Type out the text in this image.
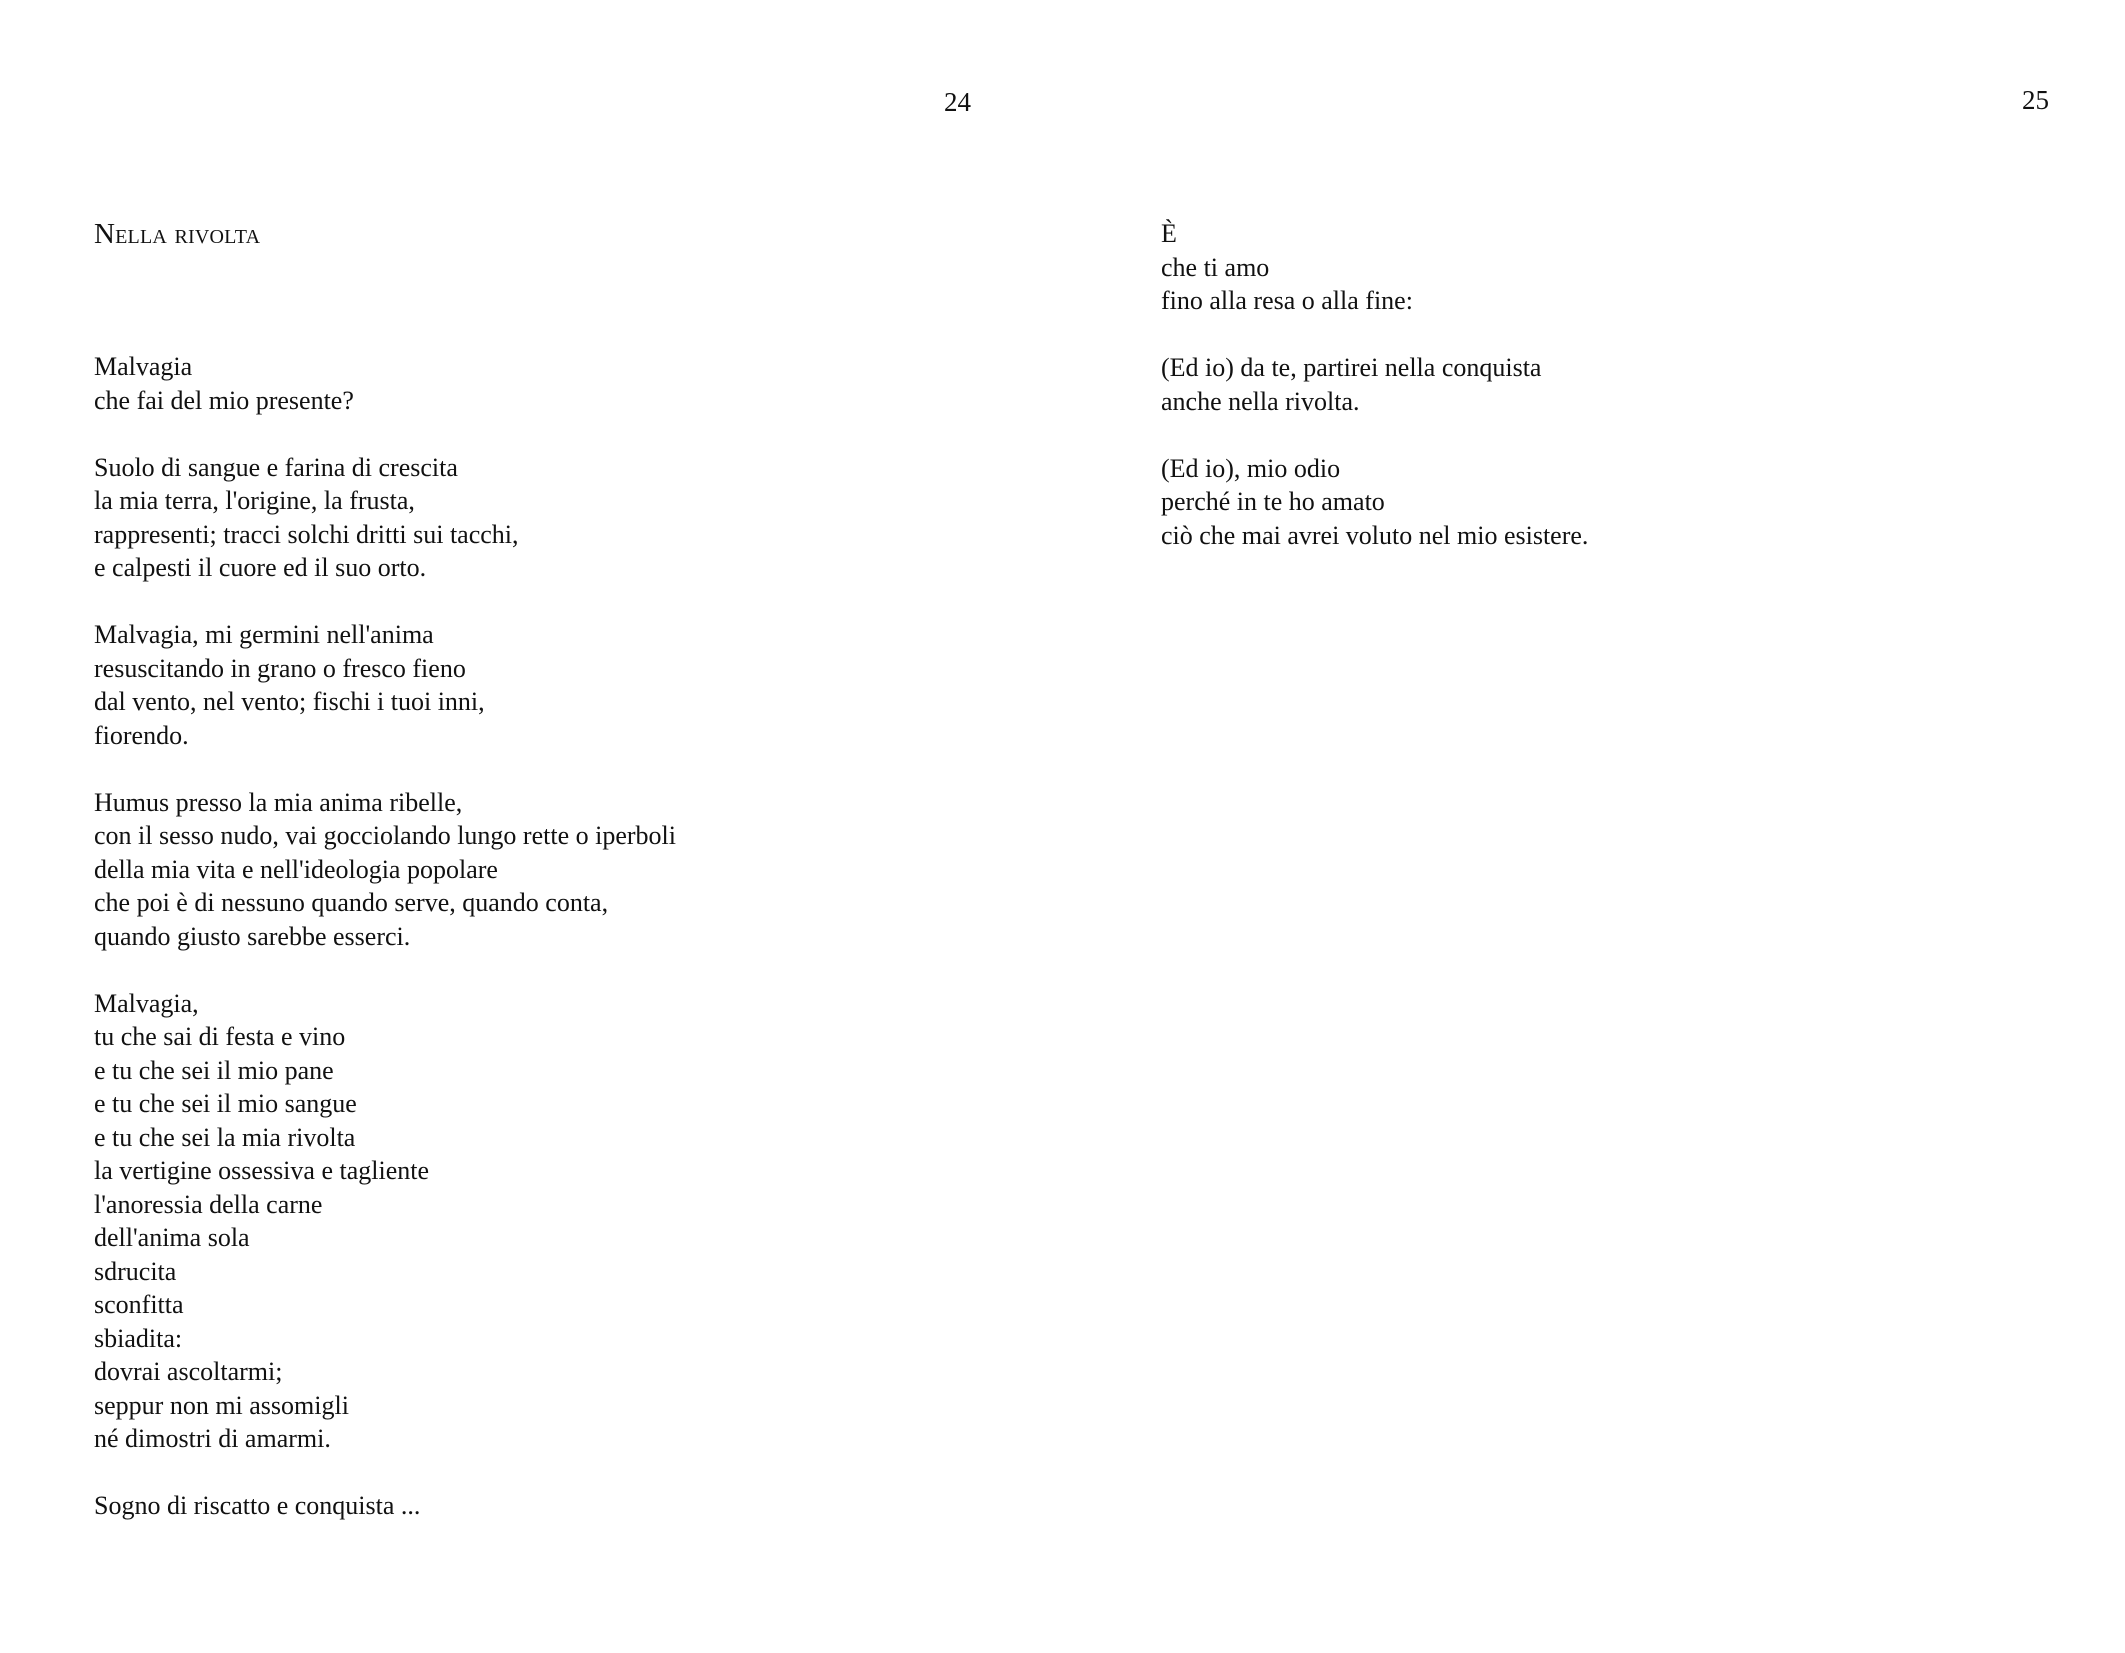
24
Nella rivolta

Malvagia
che fai del mio presente?

Suolo di sangue e farina di crescita
la mia terra, l'origine, la frusta,
rappresenti; tracci solchi dritti sui tacchi,
e calpesti il cuore ed il suo orto.

Malvagia, mi germini nell'anima
resuscitando in grano o fresco fieno
dal vento, nel vento; fischi i tuoi inni,
fiorendo.

Humus presso la mia anima ribelle,
con il sesso nudo, vai gocciolando lungo rette o iperboli
della mia vita e nell'ideologia popolare
che poi è di nessuno quando serve, quando conta,
quando giusto sarebbe esserci.

Malvagia,
tu che sai di festa e vino
e tu che sei il mio pane
e tu che sei il mio sangue
e tu che sei la mia rivolta
la vertigine ossessiva e tagliente
l'anoressia della carne
dell'anima sola
sdrucita
sconfitta
sbiadita:
dovrai ascoltarmi;
seppur non mi assomigli
né dimostri di amarmi.

Sogno di riscatto e conquista ...

25

È
che ti amo
fino alla resa o alla fine:

(Ed io) da te, partirei nella conquista
anche nella rivolta.

(Ed io), mio odio
perché in te ho amato
ciò che mai avrei voluto nel mio esistere.
